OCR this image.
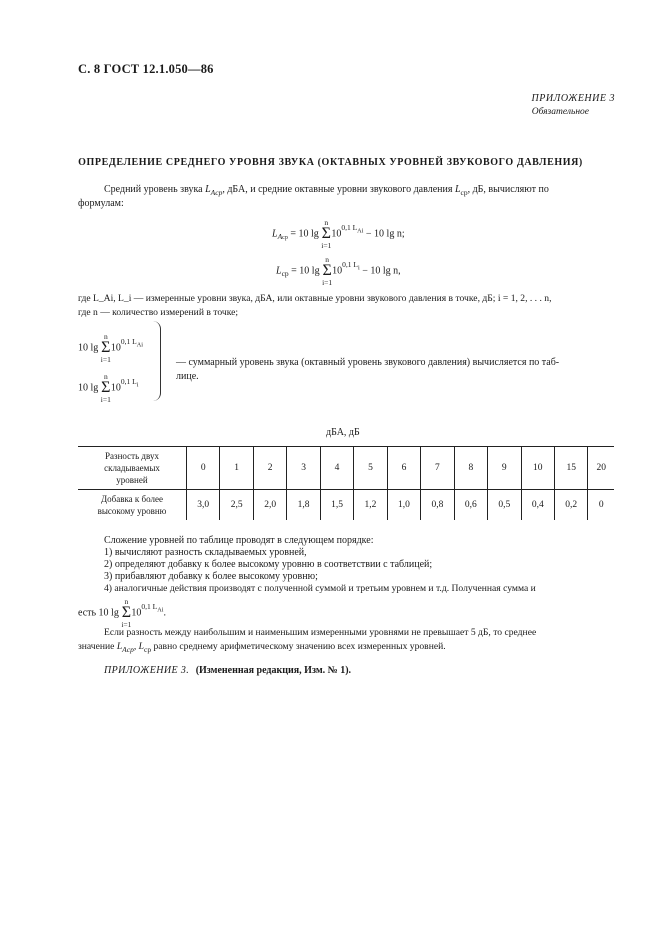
С. 8 ГОСТ 12.1.050—86
ПРИЛОЖЕНИЕ 3
Обязательное
ОПРЕДЕЛЕНИЕ СРЕДНЕГО УРОВНЯ ЗВУКА (ОКТАВНЫХ УРОВНЕЙ ЗВУКОВОГО ДАВЛЕНИЯ)
Средний уровень звука $L_{Aср}$, дБА, и средние октавные уровни звукового давления $L_{ср}$, дБ, вычисляют по
формулам:
$L_{Aср} = 10$ lg
n
Σ
i=1
$10^{0,1 L_{Ai}} - 10$ lg n;
$L_{ср} = 10$ lg
n
Σ
i=1
$10^{0,1 L_i} - 10$ lg n,
где L_Ai, L_i — измеренные уровни звука, дБА, или октавные уровни звукового давления в точке, дБ; i = 1, 2, . . . n,
где n — количество измерений в точке;
10 lg
n
Σ
i=1
$10^{0,1 L_{Ai}}$
10 lg
n
Σ
i=1
$10^{0,1 L_i}$
— суммарный уровень звука (октавный уровень звукового давления) вычисляется по таб-
лице.
дБА, дБ
Разность двух
складываемых
уровней	0	1	2	3	4	5	6	7	8	9	10	15	20

Добавка к более
высокому уровню	3,0	2,5	2,0	1,8	1,5	1,2	1,0	0,8	0,6	0,5	0,4	0,2	0
Сложение уровней по таблице проводят в следующем порядке:
1) вычисляют разность складываемых уровней,
2) определяют добавку к более высокому уровню в соответствии с таблицей;
3) прибавляют добавку к более высокому уровню;
4) аналогичные действия производят с полученной суммой и третьим уровнем и т.д. Полученная сумма и
есть 10 lg
n
Σ
i=1
$10^{0,1 L_{Ai}}$.
Если разность между наибольшим и наименьшим измеренными уровнями не превышает 5 дБ, то среднее
значение $L_{Aср}$, $L_{ср}$ равно среднему арифметическому значению всех измеренных уровней.
ПРИЛОЖЕНИЕ 3. (Измененная редакция, Изм. № 1).
